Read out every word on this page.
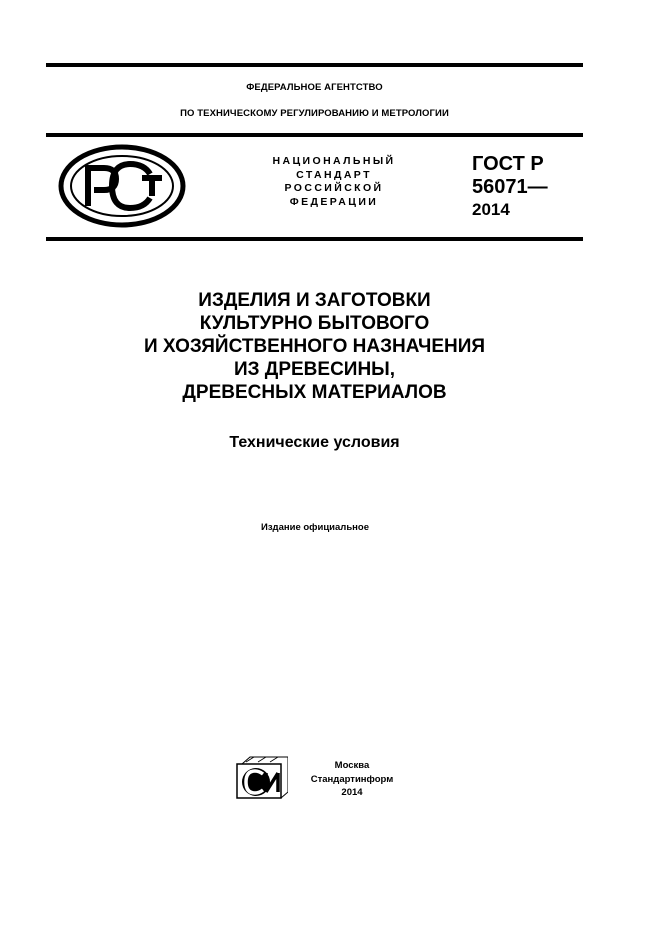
ФЕДЕРАЛЬНОЕ АГЕНТСТВО
ПО ТЕХНИЧЕСКОМУ РЕГУЛИРОВАНИЮ И МЕТРОЛОГИИ
НАЦИОНАЛЬНЫЙ
СТАНДАРТ
РОССИЙСКОЙ
ФЕДЕРАЦИИ
ГОСТ Р
56071—
2014
ИЗДЕЛИЯ И ЗАГОТОВКИ
КУЛЬТУРНО БЫТОВОГО
И ХОЗЯЙСТВЕННОГО НАЗНАЧЕНИЯ
ИЗ ДРЕВЕСИНЫ,
ДРЕВЕСНЫХ МАТЕРИАЛОВ
Технические условия
Издание официальное
Москва
Стандартинформ
2014
